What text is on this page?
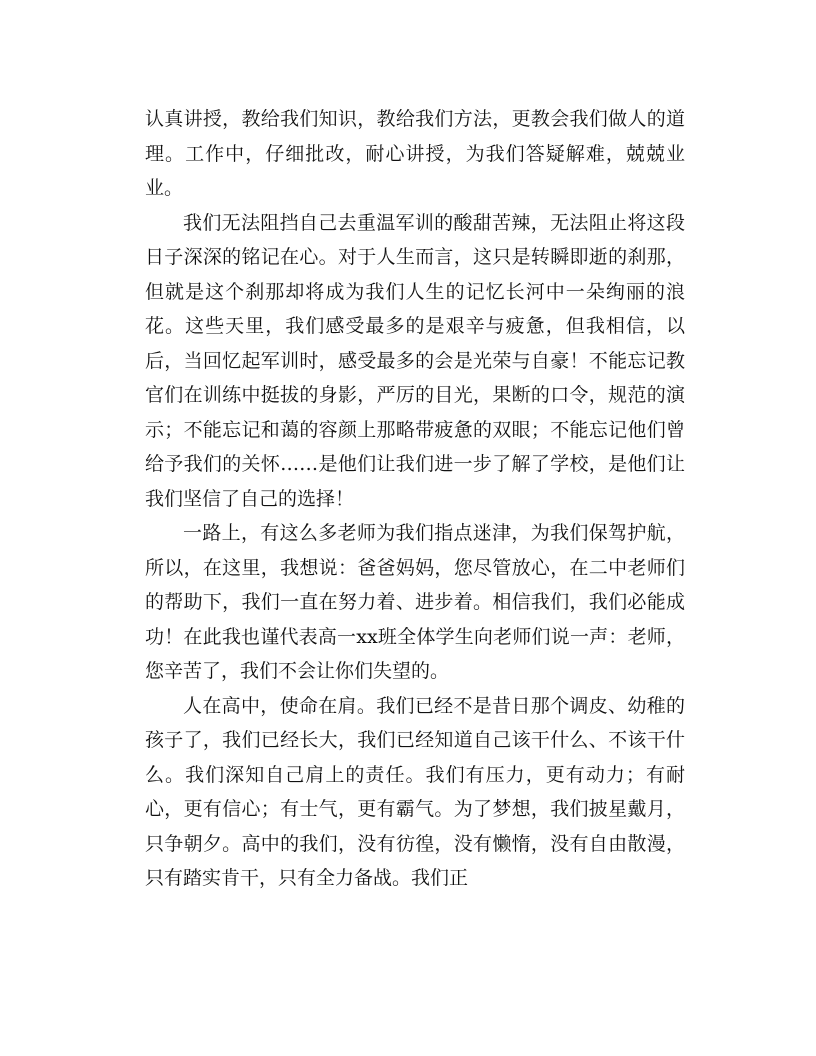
认真讲授，教给我们知识，教给我们方法，更教会我们做人的道理。工作中，仔细批改，耐心讲授，为我们答疑解难，兢兢业业。

我们无法阻挡自己去重温军训的酸甜苦辣，无法阻止将这段日子深深的铭记在心。对于人生而言，这只是转瞬即逝的刹那，但就是这个刹那却将成为我们人生的记忆长河中一朵绚丽的浪花。这些天里，我们感受最多的是艰辛与疲惫，但我相信，以后，当回忆起军训时，感受最多的会是光荣与自豪！不能忘记教官们在训练中挺拔的身影，严厉的目光，果断的口令，规范的演示；不能忘记和蔼的容颜上那略带疲惫的双眼；不能忘记他们曾给予我们的关怀……是他们让我们进一步了解了学校，是他们让我们坚信了自己的选择！

一路上，有这么多老师为我们指点迷津，为我们保驾护航，所以，在这里，我想说：爸爸妈妈，您尽管放心，在二中老师们的帮助下，我们一直在努力着、进步着。相信我们，我们必能成功！在此我也谨代表高一xx班全体学生向老师们说一声：老师，您辛苦了，我们不会让你们失望的。

人在高中，使命在肩。我们已经不是昔日那个调皮、幼稚的孩子了，我们已经长大，我们已经知道自己该干什么、不该干什么。我们深知自己肩上的责任。我们有压力，更有动力；有耐心，更有信心；有士气，更有霸气。为了梦想，我们披星戴月，只争朝夕。高中的我们，没有彷徨，没有懒惰，没有自由散漫，只有踏实肯干，只有全力备战。我们正
